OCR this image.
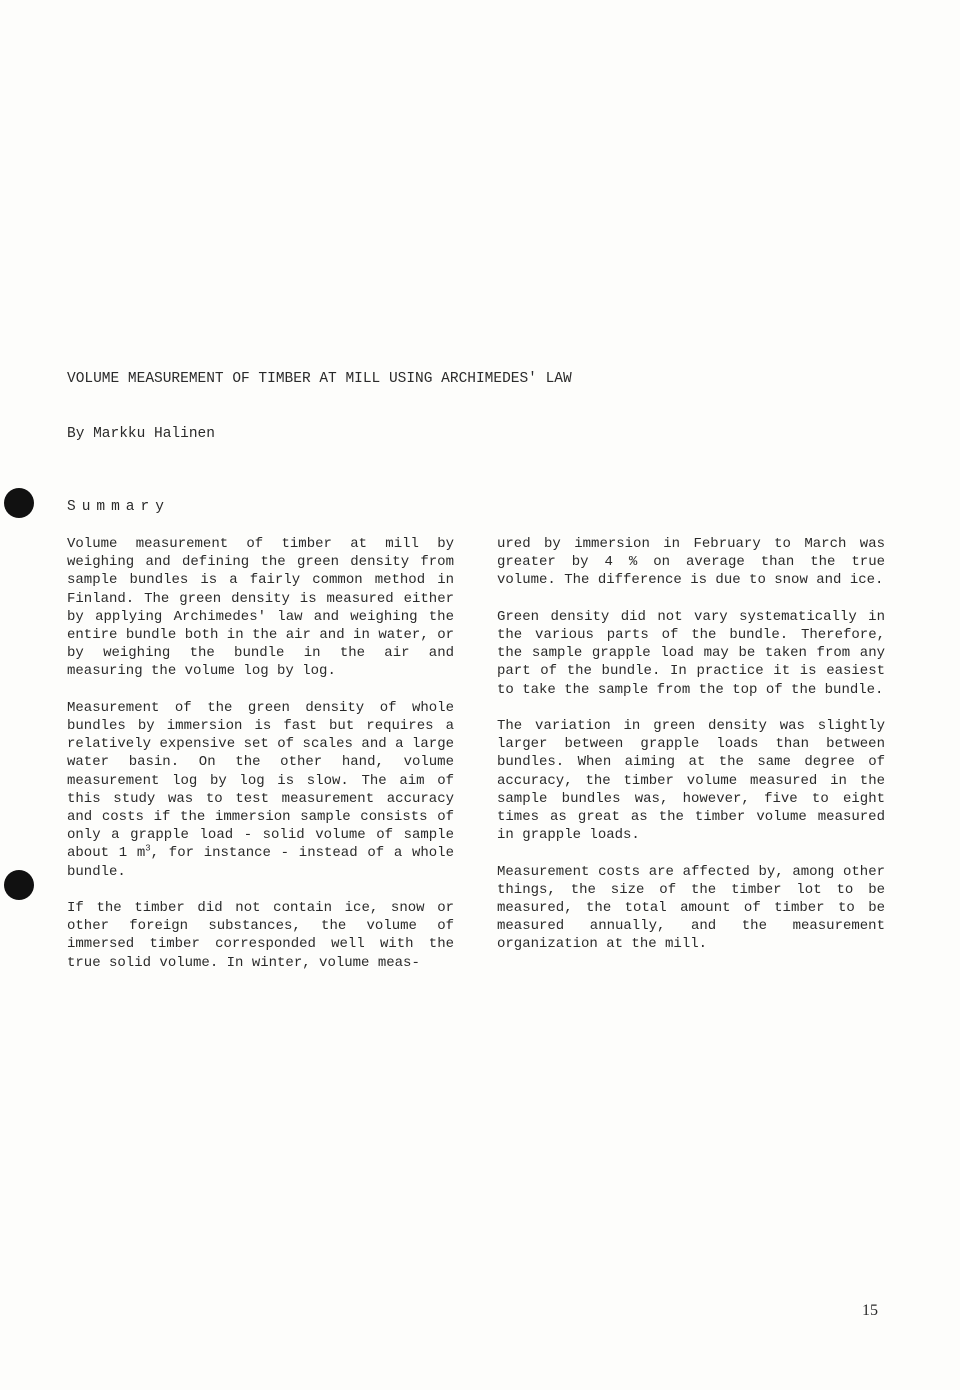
VOLUME MEASUREMENT OF TIMBER AT MILL USING ARCHIMEDES' LAW
By Markku Halinen
Summary

Volume measurement of timber at mill by weighing and defining the green density from sample bundles is a fairly common method in Finland. The green density is measured either by applying Archimedes' law and weighing the entire bundle both in the air and in water, or by weighing the bundle in the air and measuring the volume log by log.

Measurement of the green density of whole bundles by immersion is fast but requires a relatively expensive set of scales and a large water basin. On the other hand, volume measurement log by log is slow. The aim of this study was to test measurement accuracy and costs if the immersion sample consists of only a grapple load - solid volume of sample about 1 $m^3$, for instance - instead of a whole bundle.

If the timber did not contain ice, snow or other foreign substances, the volume of immersed timber corresponded well with the true solid volume. In winter, volume meas-

ured by immersion in February to March was greater by 4 % on average than the true volume. The difference is due to snow and ice.

Green density did not vary systematically in the various parts of the bundle. Therefore, the sample grapple load may be taken from any part of the bundle. In practice it is easiest to take the sample from the top of the bundle.

The variation in green density was slightly larger between grapple loads than between bundles. When aiming at the same degree of accuracy, the timber volume measured in the sample bundles was, however, five to eight times as great as the timber volume measured in grapple loads.

Measurement costs are affected by, among other things, the size of the timber lot to be measured, the total amount of timber to be measured annually, and the measurement organization at the mill.

15
